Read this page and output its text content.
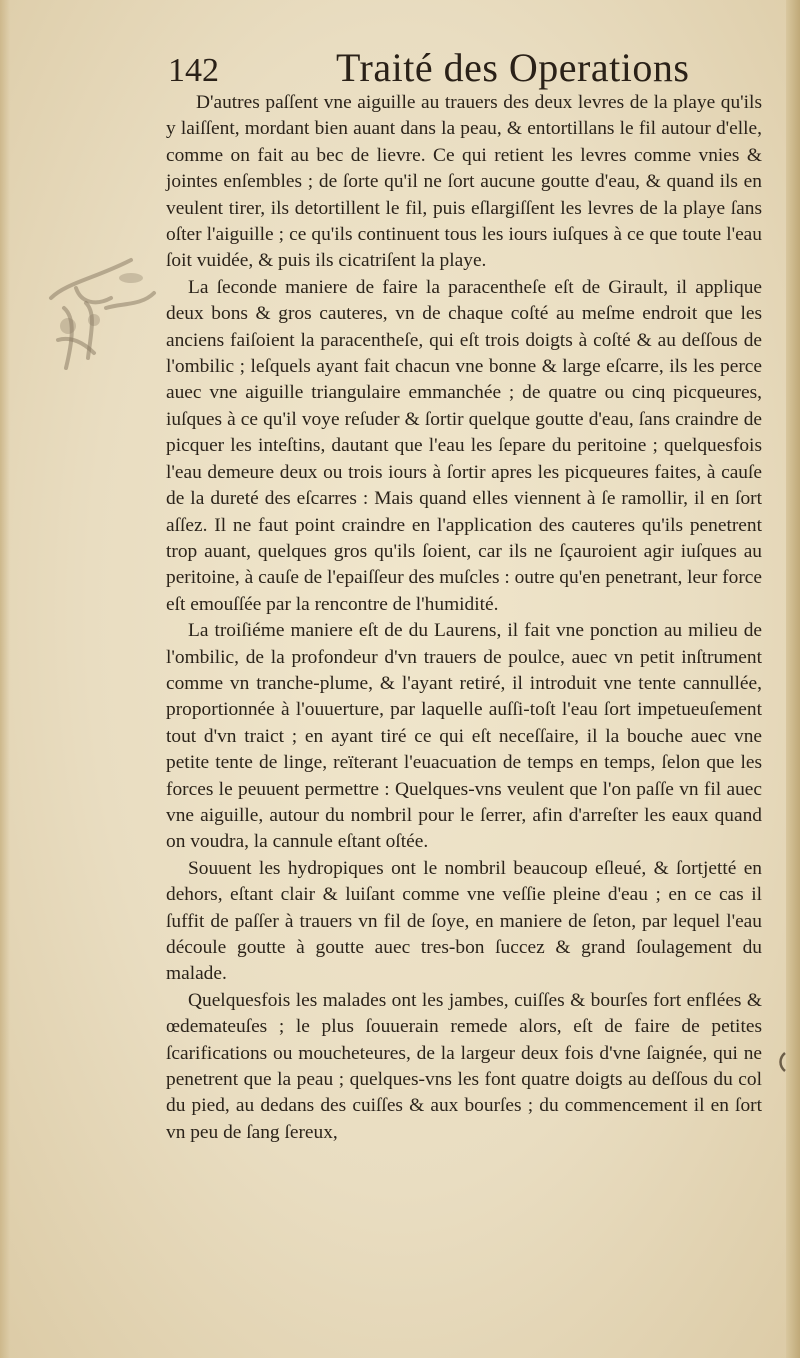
142	Traité des Operations

D'autres paſſent vne aiguille au trauers des deux levres de la playe qu'ils y laiſſent, mordant bien auant dans la peau, & entortillans le fil autour d'elle, comme on fait au bec de lievre. Ce qui retient les levres comme vnies & jointes enſembles ; de ſorte qu'il ne ſort aucune goutte d'eau, & quand ils en veulent tirer, ils detortillent le fil, puis eſlargiſſent les levres de la playe ſans oſter l'aiguille ; ce qu'ils continuent tous les iours iuſques à ce que toute l'eau ſoit vuidée, & puis ils cicatriſent la playe.

La ſeconde maniere de faire la paracentheſe eſt de Girault, il applique deux bons & gros cauteres, vn de chaque coſté au meſme endroit que les anciens faiſoient la paracentheſe, qui eſt trois doigts à coſté & au deſſous de l'ombilic ; leſquels ayant fait chacun vne bonne & large eſcarre, ils les perce auec vne aiguille triangulaire emmanchée ; de quatre ou cinq picqueures, iuſques à ce qu'il voye reſuder & ſortir quelque goutte d'eau, ſans craindre de picquer les inteſtins, dautant que l'eau les ſepare du peritoine ; quelquesfois l'eau demeure deux ou trois iours à ſortir apres les picqueures faites, à cauſe de la dureté des eſcarres : Mais quand elles viennent à ſe ramollir, il en ſort aſſez. Il ne faut point craindre en l'application des cauteres qu'ils penetrent trop auant, quelques gros qu'ils ſoient, car ils ne ſçauroient agir iuſques au peritoine, à cauſe de l'epaiſſeur des muſcles : outre qu'en penetrant, leur force eſt emouſſée par la rencontre de l'humidité.

La troiſiéme maniere eſt de du Laurens, il fait vne ponction au milieu de l'ombilic, de la profondeur d'vn trauers de poulce, auec vn petit inſtrument comme vn tranche-plume, & l'ayant retiré, il introduit vne tente cannullée, proportionnée à l'ouuerture, par laquelle auſſi-toſt l'eau ſort impetueuſement tout d'vn traict ; en ayant tiré ce qui eſt neceſſaire, il la bouche auec vne petite tente de linge, reïterant l'euacuation de temps en temps, ſelon que les forces le peuuent permettre : Quelques-vns veulent que l'on paſſe vn fil auec vne aiguille, autour du nombril pour le ſerrer, afin d'arreſter les eaux quand on voudra, la cannule eſtant oſtée.

Souuent les hydropiques ont le nombril beaucoup eſleué, & ſortjetté en dehors, eſtant clair & luiſant comme vne veſſie pleine d'eau ; en ce cas il ſuffit de paſſer à trauers vn fil de ſoye, en maniere de ſeton, par lequel l'eau découle goutte à goutte auec tres-bon ſuccez & grand ſoulagement du malade.

Quelquesfois les malades ont les jambes, cuiſſes & bourſes fort enflées & œdemateuſes ; le plus ſouuerain remede alors, eſt de faire de petites ſcarifications ou moucheteures, de la largeur deux fois d'vne ſaignée, qui ne penetrent que la peau ; quelques-vns les font quatre doigts au deſſous du col du pied, au dedans des cuiſſes & aux bourſes ; du commencement il en ſort vn peu de ſang ſereux,
